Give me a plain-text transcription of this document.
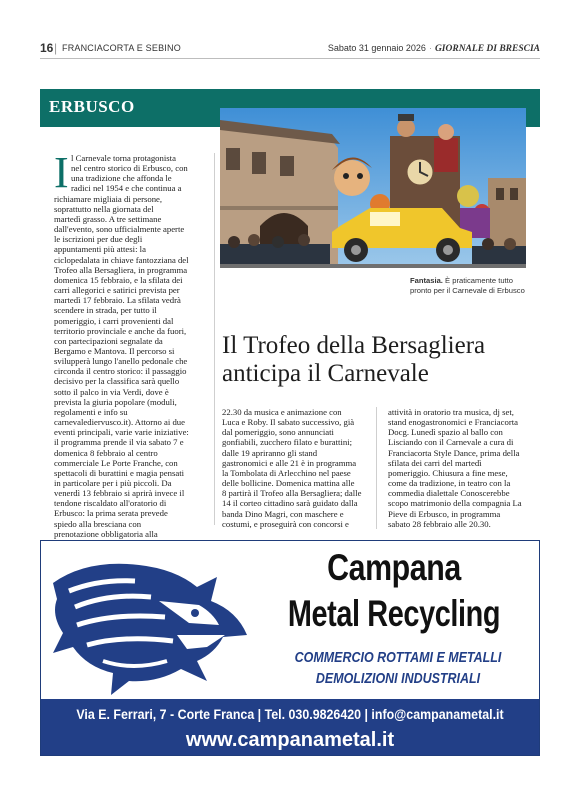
16 | FRANCIACORTA E SEBINO	Sabato 31 gennaio 2026 · GIORNALE DI BRESCIA
ERBUSCO
Fantasia. È praticamente tutto pronto per il Carnevale di Erbusco
Il Trofeo della Bersagliera
anticipa il Carnevale
I l Carnevale torna protagonista
nel centro storico di Erbusco, con
una tradizione che affonda le
radici nel 1954 e che continua a
richiamare migliaia di persone,
soprattutto nella giornata del
martedì grasso. A tre settimane
dall'evento, sono ufficialmente aperte
le iscrizioni per due degli
appuntamenti più attesi: la
ciclopedalata in chiave fantozziana del
Trofeo alla Bersagliera, in programma
domenica 15 febbraio, e la sfilata dei
carri allegorici e satirici prevista per
martedì 17 febbraio. La sfilata vedrà
scendere in strada, per tutto il
pomeriggio, i carri provenienti dal
territorio provinciale e anche da fuori,
con partecipazioni segnalate da
Bergamo e Mantova. Il percorso si
svilupperà lungo l'anello pedonale che
circonda il centro storico: il passaggio
decisivo per la classifica sarà quello
sotto il palco in via Verdi, dove è
prevista la giuria popolare (moduli,
regolamenti e info su
carnevalediervusco.it). Attorno ai due
eventi principali, varie varie iniziative:
il programma prende il via sabato 7 e
domenica 8 febbraio al centro
commerciale Le Porte Franche, con
spettacoli di burattini e magia pensati
in particolare per i più piccoli. Da
venerdì 13 febbraio si aprirà invece il
tendone riscaldato all'oratorio di
Erbusco: la prima serata prevede
spiedo alla bresciana con
prenotazione obbligatoria alla
22.30 da musica e animazione con
Luca e Roby. Il sabato successivo, già
dal pomeriggio, sono annunciati
gonfiabili, zucchero filato e burattini;
dalle 19 apriranno gli stand
gastronomici e alle 21 è in programma
la Tombolata di Arlecchino nel paese
delle bollicine. Domenica mattina alle
8 partirà il Trofeo alla Bersagliera; dalle
14 il corteo cittadino sarà guidato dalla
banda Dino Magri, con maschere e
costumi, e proseguirà con concorsi e
attività in oratorio tra musica, dj set,
stand enogastronomici e Franciacorta
Docg. Lunedì spazio al ballo con
Lisciando con il Carnevale a cura di
Franciacorta Style Dance, prima della
sfilata dei carri del martedì
pomeriggio. Chiusura a fine mese,
come da tradizione, in teatro con la
commedia dialettale Conoscerebbe
scopo matrimonio della compagnia La
Pieve di Erbusco, in programma
sabato 28 febbraio alle 20.30.
Campana
Metal Recycling
COMMERCIO ROTTAMI E METALLI
DEMOLIZIONI INDUSTRIALI
Via E. Ferrari, 7 - Corte Franca | Tel. 030.9826420 | info@campanametal.it
www.campanametal.it
